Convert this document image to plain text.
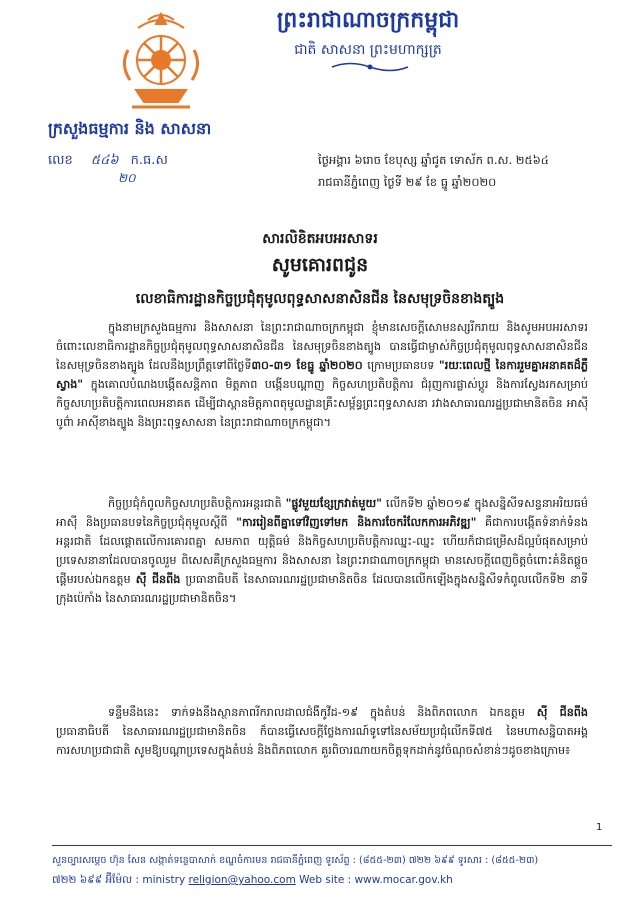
ព្រះរាជាណាចក្រកម្ពុជា
ជាតិ សាសនា ព្រះមហាក្សត្រ
ក្រសួងធម្មការ និង សាសនា
លេខ ៥៤៦ ក.ធ.ស
២០
ថ្ងៃអង្គារ ៦រោច ខែបុស្ស ឆ្នាំជូត ទោស័ក ព.ស. ២៥៦៤
រាជធានីភ្នំពេញ ថ្ងៃទី ២៩ ខែ ធ្នូ ឆ្នាំ២០២០
សារលិខិតអបអរសាទរ
សូមគោរពជូន
លេខាធិការដ្ឋានកិច្ចប្រជុំតុមូលពុទ្ធសាសនាសិនជីន នៃសមុទ្រចិនខាងត្បូង
ក្នុងនាមក្រសួងធម្មការ និងសាសនា នៃព្រះរាជាណាចក្រកម្ពុជា ខ្ញុំមានសេចក្តីសោមនស្សរីករាយ និងសូមអបអរសាទរចំពោះលេខាធិការដ្ឋានកិច្ចប្រជុំតុមូលពុទ្ធសាសនាសិនជីន នៃសមុទ្រចិនខាងត្បូង បានធ្វើជាម្ចាស់កិច្ចប្រជុំតុមូលពុទ្ធសាសនាសិនជីន នៃសមុទ្រចិនខាងត្បូង ដែលនឹងប្រព្រឹត្តទៅពីថ្ងៃទី៣០-៣១ ខែធ្នូ ឆ្នាំ២០២០ ក្រោមប្រធានបទ "រយៈពេលថ្មី នៃការរួមគ្នាអនាគតដ៏ភ្លឺស្វាង" ក្នុងគោលបំណងបង្កើតសន្តិភាព មិត្តភាព បង្កើនបណ្ដាញ កិច្ចសហប្រតិបត្តិការ ជំរុញការផ្លាស់ប្តូរ និងការស្វែងរកសម្រាប់កិច្ចសហប្រតិបត្តិការពេលអនាគត ដើម្បីជាស្ពានមិត្តភាពតុមូលដ្ឋានគ្រឹះសម្ព័ន្ធព្រះពុទ្ធសាសនា រវាងសាធារណរដ្ឋប្រជាមានិតចិន អាស៊ីបូព៌ា អាស៊ីខាងត្បូង និងព្រះពុទ្ធសាសនា នៃព្រះរាជាណាចក្រកម្ពុជា។
កិច្ចប្រជុំកំពូលកិច្ចសហប្រតិបត្តិការអន្តរជាតិ "ផ្លូវមួយខ្សែក្រវាត់មួយ" លើកទី២ ឆ្នាំ២០១៩ ក្នុងសន្និសីទសន្ទនាអរិយធម៌អាស៊ី និងប្រធានបទនៃកិច្ចប្រជុំតុមូលស្តីពី "ការរៀនពីគ្នាទៅវិញទៅមក និងការចែករំលែកការអភិវឌ្ឍ" គឺជាការបង្កើតទំនាក់ទំនងអន្តរជាតិ ដែលផ្តោតលើការគោរពគ្នា សមភាព យុត្តិធម៌ និងកិច្ចសហប្រតិបត្តិការឈ្នះ-ឈ្នះ ហើយក៏ជាជម្រើសដ៏ល្អបំផុតសម្រាប់ប្រទេសនានាដែលបានចូលរួម ពិសេសគឺក្រសួងធម្មការ និងសាសនា នៃព្រះរាជាណាចក្រកម្ពុជា មានសេចក្តីពេញចិត្តចំពោះគំនិតផ្តួចផ្តើមរបស់ឯកឧត្តម ស៊ី ជីនពីង ប្រធានាធិបតី នៃសាធារណរដ្ឋប្រជាមានិតចិន ដែលបានលើកឡើងក្នុងសន្និសីទកំពូលលើកទី២ នាទីក្រុងប៉េកាំង នៃសាធារណរដ្ឋប្រជាមានិតចិន។
ទន្ទឹមនឹងនេះ ទាក់ទងនឹងស្ថានភាពរីករាលដាលជំងឺកូវីដ-១៩ ក្នុងតំបន់ និងពិភពលោក ឯកឧត្តម ស៊ី ជីនពីង ប្រធានាធិបតី នៃសាធារណរដ្ឋប្រជាមានិតចិន ក៏បានធ្វើសេចក្តីថ្លែងការណ៍ទូទៅនៃសម័យប្រជុំលើកទី៧៥ នៃមហាសន្និបាតអង្គការសហប្រជាជាតិ សូមឱ្យបណ្តាប្រទេសក្នុងតំបន់ និងពិភពលោក គួរពិចារណាយកចិត្តទុកដាក់នូវចំណុចសំខាន់ៗដូចខាងក្រោម៖
1
សួនច្បារសម្តេច ហ៊ុន សែន សង្កាត់ទន្លេបាសាក់ ខណ្ឌចំការមន រាជធានីភ្នំពេញ ទូរស័ព្ទ : (៨៥៥-២៣) ៧២២ ៦៩៩ ទូរសារ : (៨៥៥-២៣)
៧២២ ៦៩៩ អ៊ីម៉ែល : ministry religion@yahoo.com Web site : www.mocar.gov.kh
